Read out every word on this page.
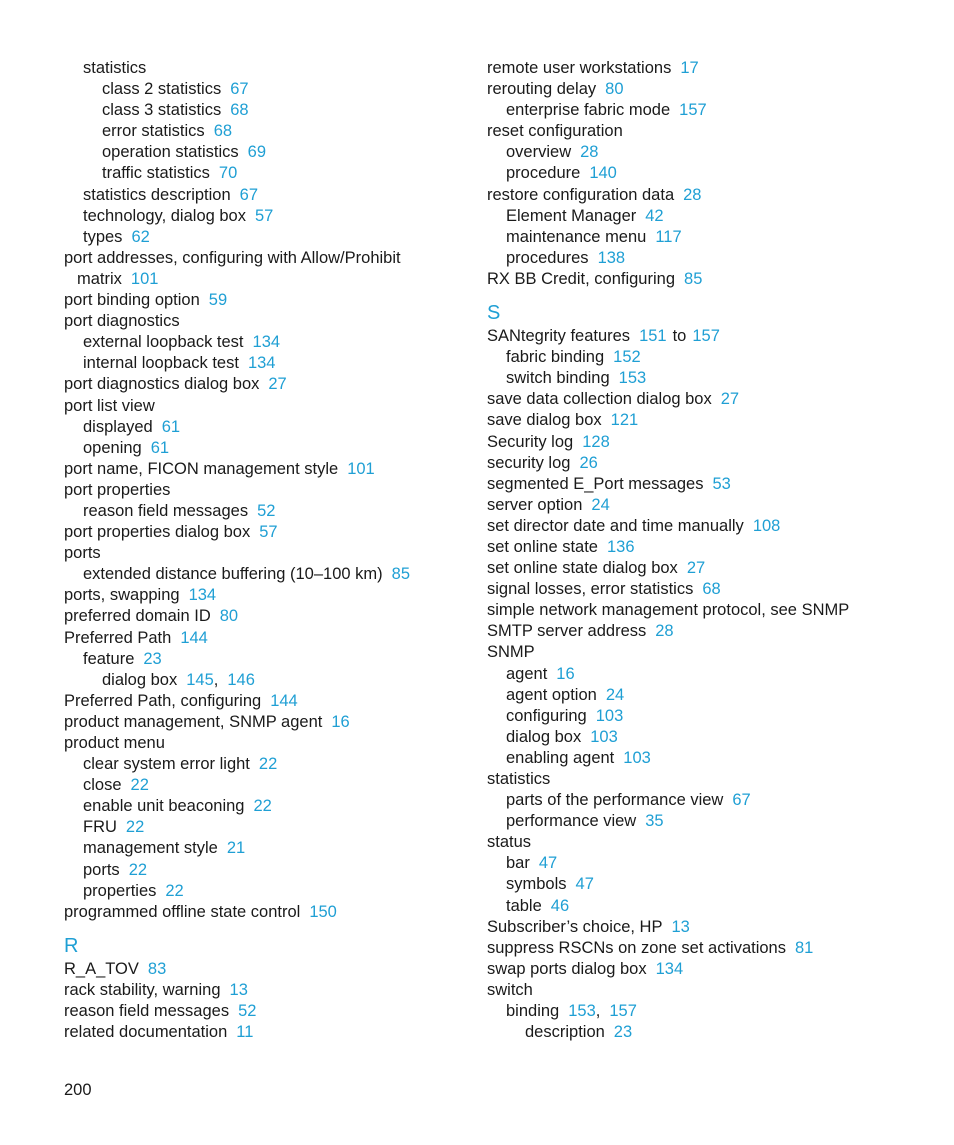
statistics
class 2 statistics 67
class 3 statistics 68
error statistics 68
operation statistics 69
traffic statistics 70
statistics description 67
technology, dialog box 57
types 62
port addresses, configuring with Allow/Prohibit
matrix 101
port binding option 59
port diagnostics
external loopback test 134
internal loopback test 134
port diagnostics dialog box 27
port list view
displayed 61
opening 61
port name, FICON management style 101
port properties
reason field messages 52
port properties dialog box 57
ports
extended distance buffering (10–100 km) 85
ports, swapping 134
preferred domain ID 80
Preferred Path 144
feature 23
dialog box 145, 146
Preferred Path, configuring 144
product management, SNMP agent 16
product menu
clear system error light 22
close 22
enable unit beaconing 22
FRU 22
management style 21
ports 22
properties 22
programmed offline state control 150
R
R_A_TOV 83
rack stability, warning 13
reason field messages 52
related documentation 11
remote user workstations 17
rerouting delay 80
enterprise fabric mode 157
reset configuration
overview 28
procedure 140
restore configuration data 28
Element Manager 42
maintenance menu 117
procedures 138
RX BB Credit, configuring 85
S
SANtegrity features 151 to 157
fabric binding 152
switch binding 153
save data collection dialog box 27
save dialog box 121
Security log 128
security log 26
segmented E_Port messages 53
server option 24
set director date and time manually 108
set online state 136
set online state dialog box 27
signal losses, error statistics 68
simple network management protocol, see SNMP
SMTP server address 28
SNMP
agent 16
agent option 24
configuring 103
dialog box 103
enabling agent 103
statistics
parts of the performance view 67
performance view 35
status
bar 47
symbols 47
table 46
Subscriber’s choice, HP 13
suppress RSCNs on zone set activations 81
swap ports dialog box 134
switch
binding 153, 157
description 23
200
